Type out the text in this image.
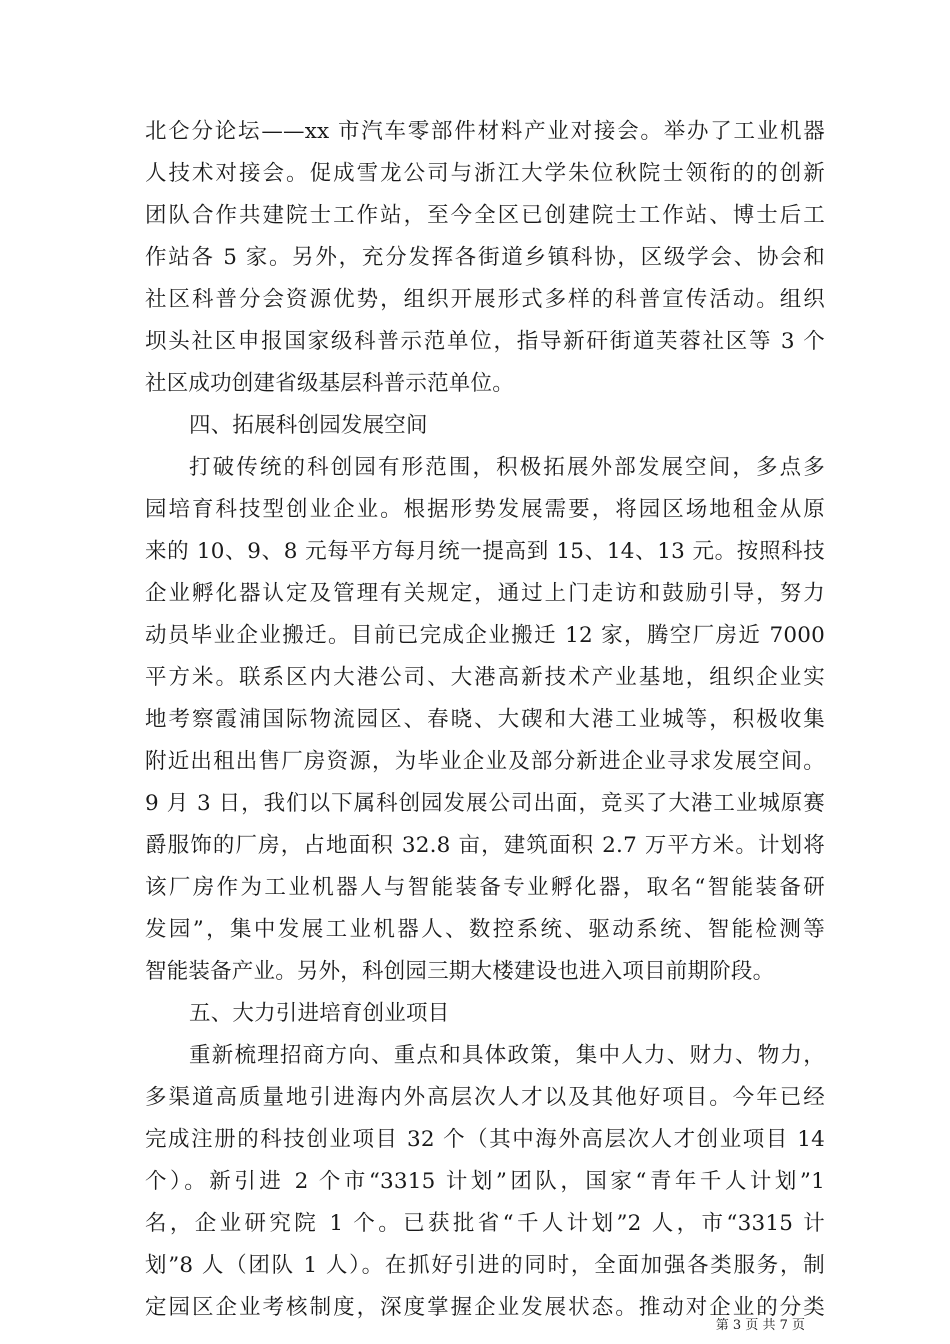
北仑分论坛——xx 市汽车零部件材料产业对接会。举办了工业机器
人技术对接会。促成雪龙公司与浙江大学朱位秋院士领衔的的创新
团队合作共建院士工作站，至今全区已创建院士工作站、博士后工
作站各 5 家。另外，充分发挥各街道乡镇科协，区级学会、协会和
社区科普分会资源优势，组织开展形式多样的科普宣传活动。组织
坝头社区申报国家级科普示范单位，指导新矸街道芙蓉社区等 3 个
社区成功创建省级基层科普示范单位。
四、拓展科创园发展空间
打破传统的科创园有形范围，积极拓展外部发展空间，多点多
园培育科技型创业企业。根据形势发展需要，将园区场地租金从原
来的 10、9、8 元每平方每月统一提高到 15、14、13 元。按照科技
企业孵化器认定及管理有关规定，通过上门走访和鼓励引导，努力
动员毕业企业搬迁。目前已完成企业搬迁 12 家，腾空厂房近 7000
平方米。联系区内大港公司、大港高新技术产业基地，组织企业实
地考察霞浦国际物流园区、春晓、大碶和大港工业城等，积极收集
附近出租出售厂房资源，为毕业企业及部分新进企业寻求发展空间。
9 月 3 日，我们以下属科创园发展公司出面，竞买了大港工业城原赛
爵服饰的厂房，占地面积 32.8 亩，建筑面积 2.7 万平方米。计划将
该厂房作为工业机器人与智能装备专业孵化器，取名“智能装备研
发园”，集中发展工业机器人、数控系统、驱动系统、智能检测等
智能装备产业。另外，科创园三期大楼建设也进入项目前期阶段。
五、大力引进培育创业项目
重新梳理招商方向、重点和具体政策，集中人力、财力、物力，
多渠道高质量地引进海内外高层次人才以及其他好项目。今年已经
完成注册的科技创业项目 32 个（其中海外高层次人才创业项目 14
个）。新引进 2 个市“3315 计划”团队，国家“青年千人计划”1
名，企业研究院 1 个。已获批省“千人计划”2 人，市“3315 计
划”8 人（团队 1 人）。在抓好引进的同时，全面加强各类服务，制
定园区企业考核制度，深度掌握企业发展状态。推动对企业的分类
第 3 页 共 7 页
